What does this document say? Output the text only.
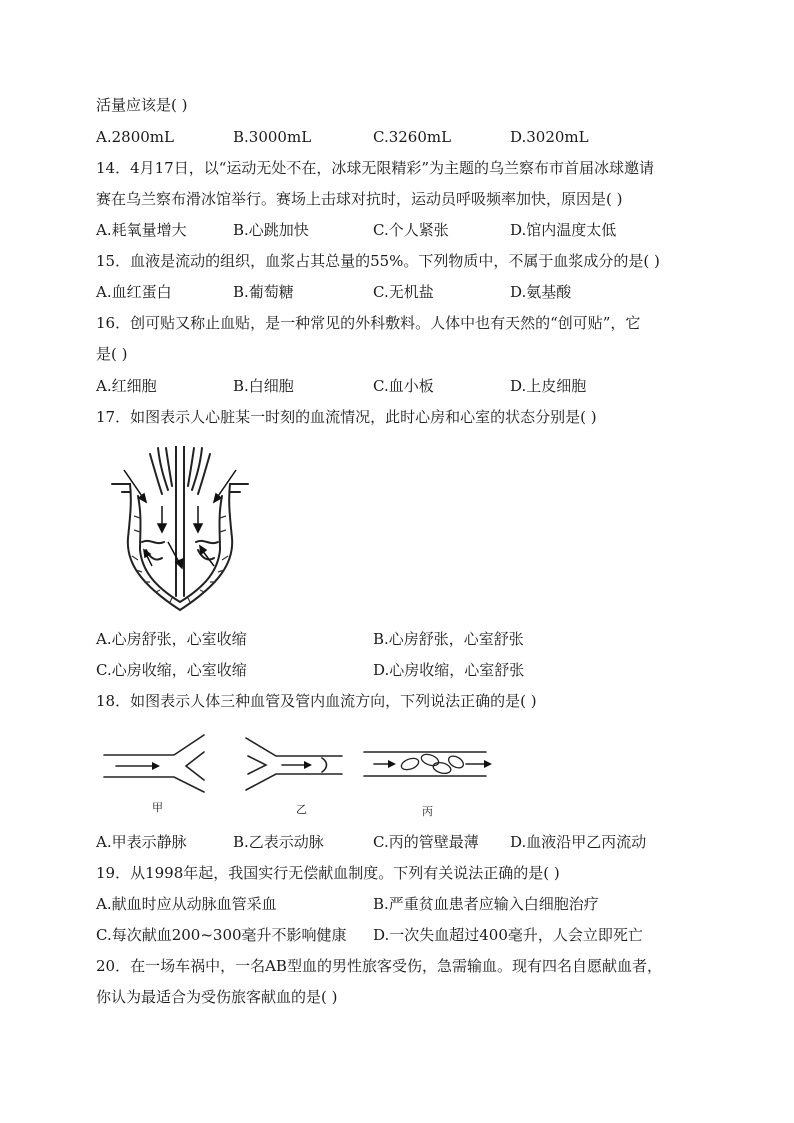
活量应该是( )
A.2800mL	B.3000mL	C.3260mL	D.3020mL
14．4月17日，以“运动无处不在，冰球无限精彩”为主题的乌兰察布市首届冰球邀请
赛在乌兰察布滑冰馆举行。赛场上击球对抗时，运动员呼吸频率加快，原因是( )
A.耗氧量增大	B.心跳加快	C.个人紧张	D.馆内温度太低
15．血液是流动的组织，血浆占其总量的55%。下列物质中，不属于血浆成分的是( )
A.血红蛋白	B.葡萄糖	C.无机盐	D.氨基酸
16．创可贴又称止血贴，是一种常见的外科敷料。人体中也有天然的“创可贴”，它
是( )
A.红细胞	B.白细胞	C.血小板	D.上皮细胞
17．如图表示人心脏某一时刻的血流情况，此时心房和心室的状态分别是( )
A.心房舒张，心室收缩	B.心房舒张，心室舒张
C.心房收缩，心室收缩	D.心房收缩，心室舒张
18．如图表示人体三种血管及管内血流方向，下列说法正确的是( )
甲	乙	丙
A.甲表示静脉	B.乙表示动脉	C.丙的管壁最薄 D.血液沿甲乙丙流动
19．从1998年起，我国实行无偿献血制度。下列有关说法正确的是( )
A.献血时应从动脉血管采血	B.严重贫血患者应输入白细胞治疗
C.每次献血200~300毫升不影响健康 D.一次失血超过400毫升，人会立即死亡
20．在一场车祸中，一名AB型血的男性旅客受伤，急需输血。现有四名自愿献血者，
你认为最适合为受伤旅客献血的是( )
